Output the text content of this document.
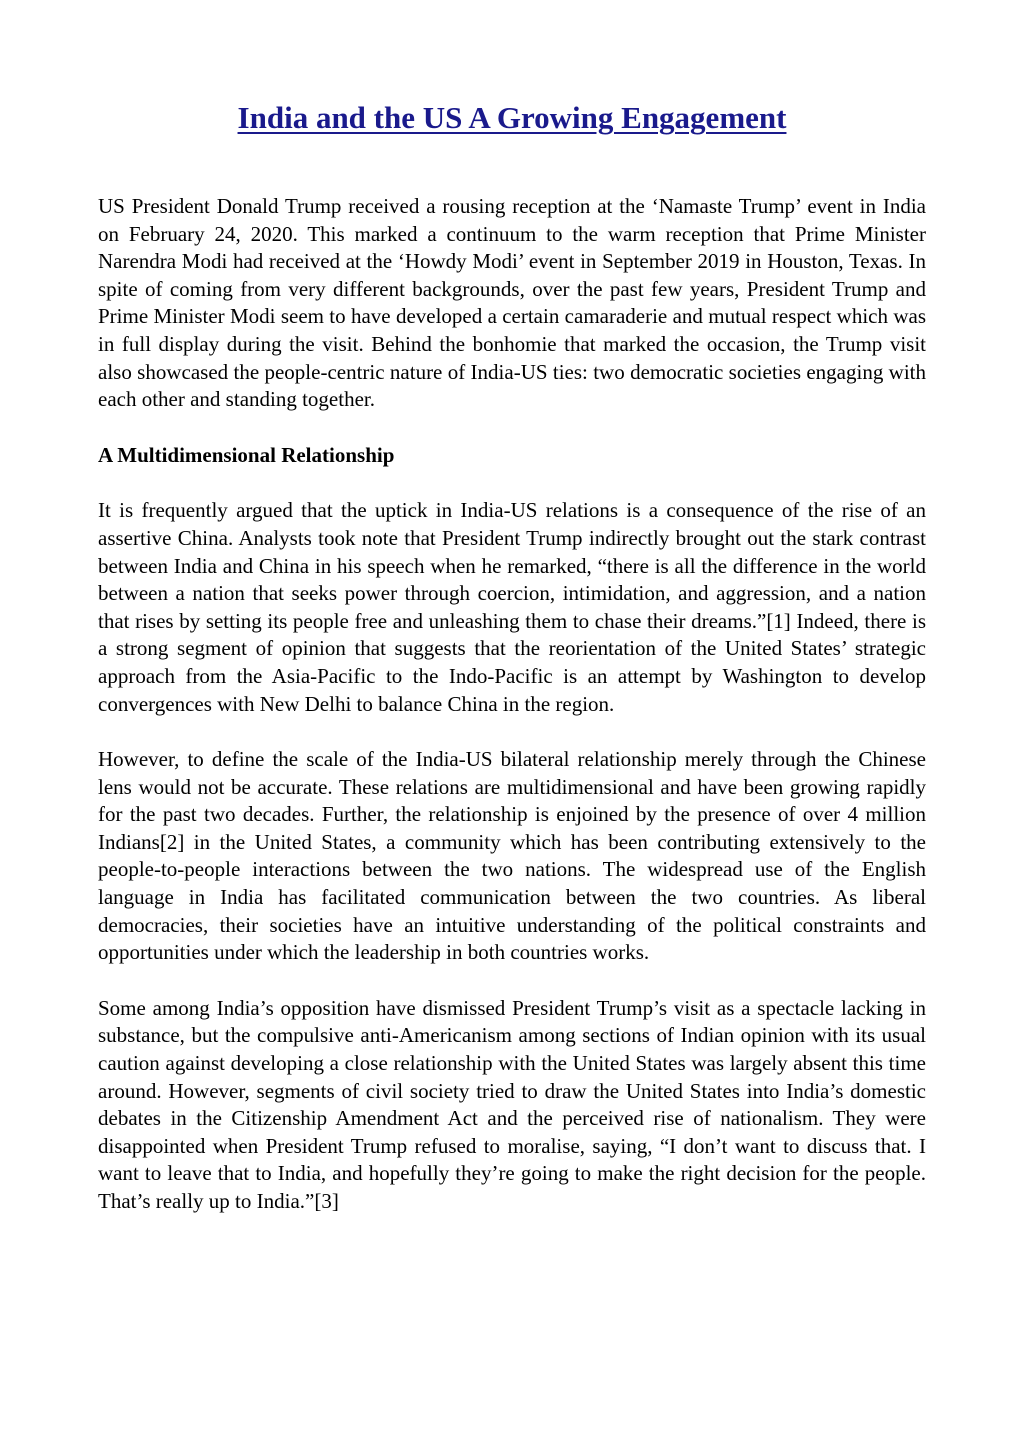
India and the US A Growing Engagement

US President Donald Trump received a rousing reception at the ‘Namaste Trump’ event in India on February 24, 2020. This marked a continuum to the warm reception that Prime Minister Narendra Modi had received at the ‘Howdy Modi’ event in September 2019 in Houston, Texas. In spite of coming from very different backgrounds, over the past few years, President Trump and Prime Minister Modi seem to have developed a certain camaraderie and mutual respect which was in full display during the visit. Behind the bonhomie that marked the occasion, the Trump visit also showcased the people-centric nature of India-US ties: two democratic societies engaging with each other and standing together.

A Multidimensional Relationship

It is frequently argued that the uptick in India-US relations is a consequence of the rise of an assertive China. Analysts took note that President Trump indirectly brought out the stark contrast between India and China in his speech when he remarked, “there is all the difference in the world between a nation that seeks power through coercion, intimidation, and aggression, and a nation that rises by setting its people free and unleashing them to chase their dreams.”[1] Indeed, there is a strong segment of opinion that suggests that the reorientation of the United States’ strategic approach from the Asia-Pacific to the Indo-Pacific is an attempt by Washington to develop convergences with New Delhi to balance China in the region.

However, to define the scale of the India-US bilateral relationship merely through the Chinese lens would not be accurate. These relations are multidimensional and have been growing rapidly for the past two decades. Further, the relationship is enjoined by the presence of over 4 million Indians[2] in the United States, a community which has been contributing extensively to the people-to-people interactions between the two nations. The widespread use of the English language in India has facilitated communication between the two countries. As liberal democracies, their societies have an intuitive understanding of the political constraints and opportunities under which the leadership in both countries works.

Some among India’s opposition have dismissed President Trump’s visit as a spectacle lacking in substance, but the compulsive anti-Americanism among sections of Indian opinion with its usual caution against developing a close relationship with the United States was largely absent this time around. However, segments of civil society tried to draw the United States into India’s domestic debates in the Citizenship Amendment Act and the perceived rise of nationalism. They were disappointed when President Trump refused to moralise, saying, “I don’t want to discuss that. I want to leave that to India, and hopefully they’re going to make the right decision for the people. That’s really up to India.”[3]
